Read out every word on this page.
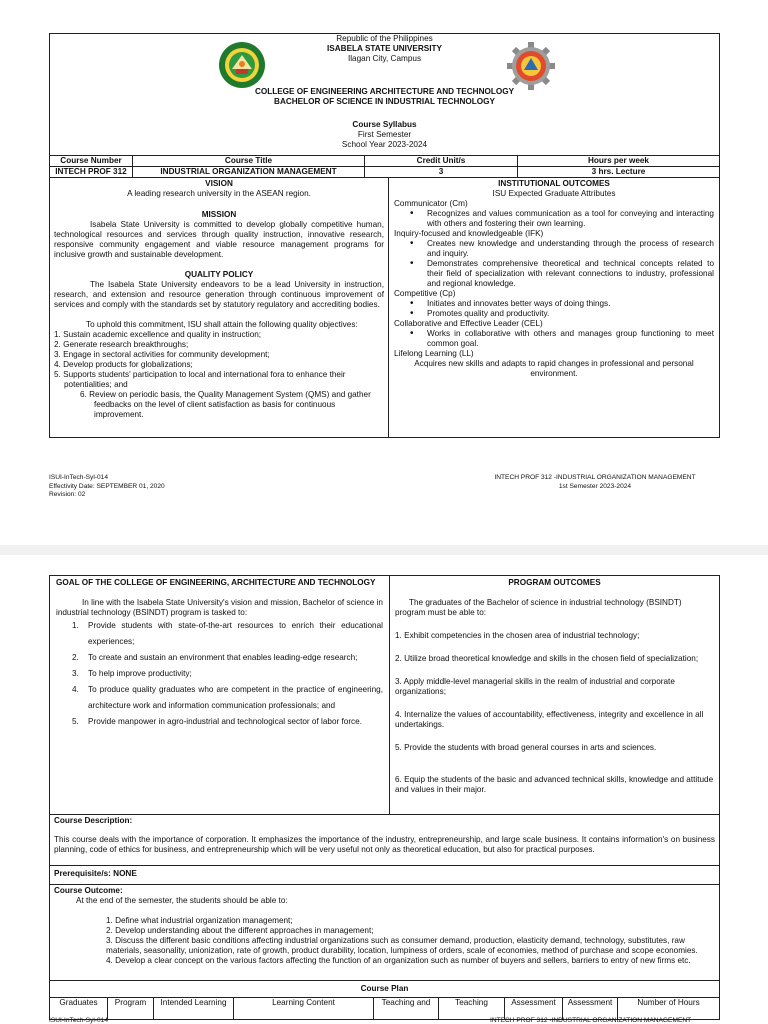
Republic of the Philippines
ISABELA STATE UNIVERSITY
Ilagan City, Campus
COLLEGE OF ENGINEERING ARCHITECTURE AND TECHNOLOGY
BACHELOR OF SCIENCE IN INDUSTRIAL TECHNOLOGY
Course Syllabus
First Semester
School Year 2023-2024
Course Number	Course Title	Credit Unit/s	Hours per week
INTECH PROF 312	INDUSTRIAL ORGANIZATION MANAGEMENT	3	3 hrs. Lecture
VISION
A leading research university in the ASEAN region.
MISSION
Isabela State University is committed to develop globally competitive human, technological resources and services through quality instruction, innovative research, responsive community engagement and viable resource management programs for inclusive growth and sustainable development.
QUALITY POLICY
The Isabela State University endeavors to be a lead University in instruction, research, and extension and resource generation through continuous improvement of services and comply with the standards set by statutory regulatory and accrediting bodies.
To uphold this commitment, ISU shall attain the following quality objectives:
1. Sustain academic excellence and quality in instruction;
2. Generate research breakthroughs;
3. Engage in sectoral activities for community development;
4. Develop products for globalizations;
5. Supports students' participation to local and international fora to enhance their potentialities; and
6. Review on periodic basis, the Quality Management System (QMS) and gather feedbacks on the level of client satisfaction as basis for continuous improvement.
INSTITUTIONAL OUTCOMES
ISU Expected Graduate Attributes
Communicator (Cm)
• Recognizes and values communication as a tool for conveying and interacting with others and fostering their own learning.
Inquiry-focused and knowledgeable (IFK)
• Creates new knowledge and understanding through the process of research and inquiry.
• Demonstrates comprehensive theoretical and technical concepts related to their field of specialization with relevant connections to industry, professional and regional knowledge.
Competitive (Cp)
• Initiates and innovates better ways of doing things.
• Promotes quality and productivity.
Collaborative and Effective Leader (CEL)
• Works in collaborative with others and manages group functioning to meet common goal.
Lifelong Learning (LL)
Acquires new skills and adapts to rapid changes in professional and personal environment.
ISUI-InTech-Syl-014
Effectivity Date: SEPTEMBER 01, 2020
Revision: 02
INTECH PROF 312 -INDUSTRIAL ORGANIZATION MANAGEMENT
1st Semester 2023-2024
GOAL OF THE COLLEGE OF ENGINEERING, ARCHITECTURE AND TECHNOLOGY
In line with the Isabela State University's vision and mission, Bachelor of science in industrial technology (BSINDT) program is tasked to:
1. Provide students with state-of-the-art resources to enrich their educational experiences;
2. To create and sustain an environment that enables leading-edge research;
3. To help improve productivity;
4. To produce quality graduates who are competent in the practice of engineering, architecture work and information communication professionals; and
5. Provide manpower in agro-industrial and technological sector of labor force.
PROGRAM OUTCOMES

The graduates of the Bachelor of science in industrial technology (BSINDT) program must be able to:

1. Exhibit competencies in the chosen area of industrial technology;

2. Utilize broad theoretical knowledge and skills in the chosen field of specialization;

3. Apply middle-level managerial skills in the realm of industrial and corporate organizations;

4. Internalize the values of accountability, effectiveness, integrity and excellence in all undertakings.

5. Provide the students with broad general courses in arts and sciences.

6. Equip the students of the basic and advanced technical skills, knowledge and attitude and values in their major.

Course Description:
This course deals with the importance of corporation. It emphasizes the importance of the industry, entrepreneurship, and large scale business. It contains information's on business planning, code of ethics for business, and entrepreneurship which will be very useful not only as theoretical education, but also for practical purposes.
Prerequisite/s: NONE
Course Outcome:
At the end of the semester, the students should be able to:
1. Define what industrial organization management;
2. Develop understanding about the different approaches in management;
3. Discuss the different basic conditions affecting industrial organizations such as consumer demand, production, elasticity demand, technology, substitutes, raw materials, seasonality, unionization, rate of growth, product durability, location, lumpiness of orders, scale of economies, method of purchase and scope economies.
4. Develop a clear concept on the various factors affecting the function of an organization such as number of buyers and sellers, barriers to entry of new firms etc.
Course Plan
Graduates	Program	Intended Learning	Learning Content	Teaching and	Teaching	Assessment	Assessment	Number of Hours
ISUI-InTech-Syl-014	INTECH PROF 312 -INDUSTRIAL ORGANIZATION MANAGEMENT
